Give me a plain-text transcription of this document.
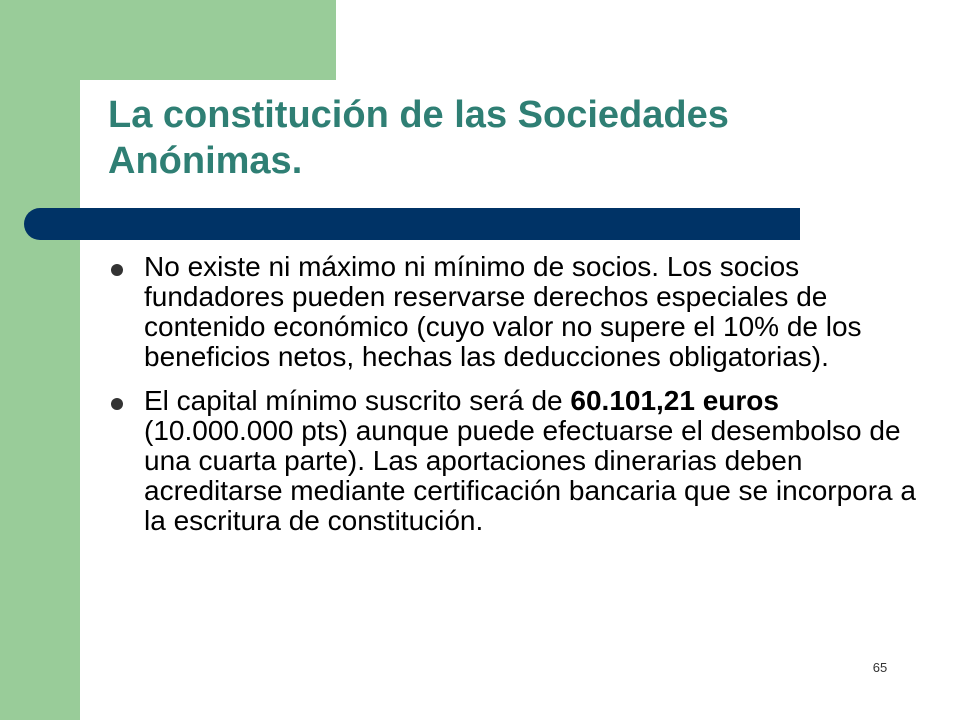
La constitución de las Sociedades Anónimas.
No existe ni máximo ni mínimo de socios. Los socios fundadores pueden reservarse derechos especiales de contenido económico (cuyo valor no supere el 10% de los beneficios netos, hechas las deducciones obligatorias).
El capital mínimo suscrito será de 60.101,21 euros (10.000.000 pts) aunque puede efectuarse el desembolso de una cuarta parte). Las aportaciones dinerarias deben acreditarse mediante certificación bancaria que se incorpora a la escritura de constitución.
65
